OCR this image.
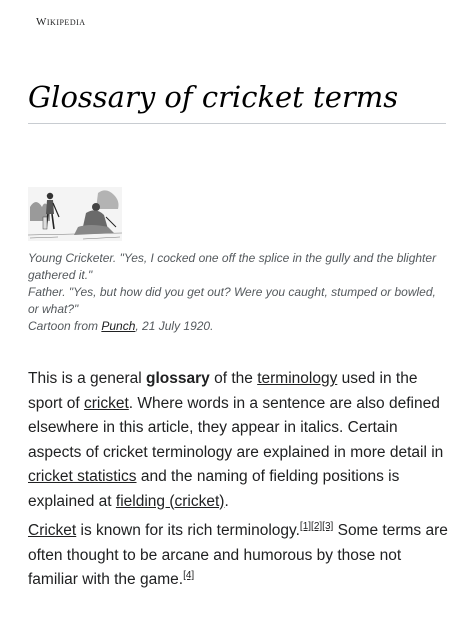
Wikipedia
Glossary of cricket terms
Young Cricketer. "Yes, I cocked one off the splice in the gully and the blighter gathered it."
Father. "Yes, but how did you get out? Were you caught, stumped or bowled, or what?"
Cartoon from Punch, 21 July 1920.

This is a general glossary of the terminology used in the sport of cricket. Where words in a sentence are also defined elsewhere in this article, they appear in italics. Certain aspects of cricket terminology are explained in more detail in cricket statistics and the naming of fielding positions is explained at fielding (cricket).

Cricket is known for its rich terminology.[1][2][3] Some terms are often thought to be arcane and humorous by those not familiar with the game.[4]
